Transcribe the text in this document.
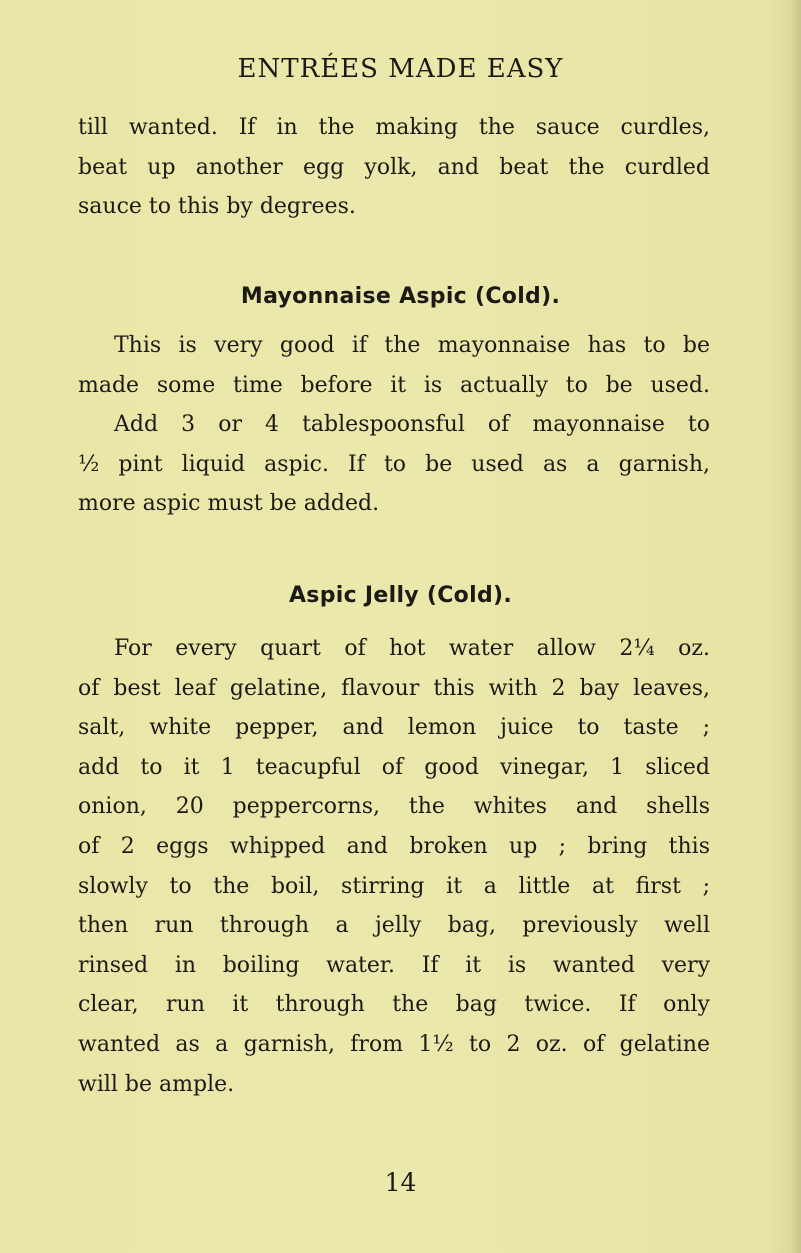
ENTRÉES MADE EASY

till wanted. If in the making the sauce curdles,
beat up another egg yolk, and beat the curdled
sauce to this by degrees.

Mayonnaise Aspic (Cold).

This is very good if the mayonnaise has to be
made some time before it is actually to be used.

Add 3 or 4 tablespoonsful of mayonnaise to
½ pint liquid aspic. If to be used as a garnish,
more aspic must be added.

Aspic Jelly (Cold).

For every quart of hot water allow 2¼ oz.
of best leaf gelatine, flavour this with 2 bay leaves,
salt, white pepper, and lemon juice to taste ;
add to it 1 teacupful of good vinegar, 1 sliced
onion, 20 peppercorns, the whites and shells
of 2 eggs whipped and broken up ; bring this
slowly to the boil, stirring it a little at first ;
then run through a jelly bag, previously well
rinsed in boiling water. If it is wanted very
clear, run it through the bag twice. If only
wanted as a garnish, from 1½ to 2 oz. of gelatine
will be ample.

14
